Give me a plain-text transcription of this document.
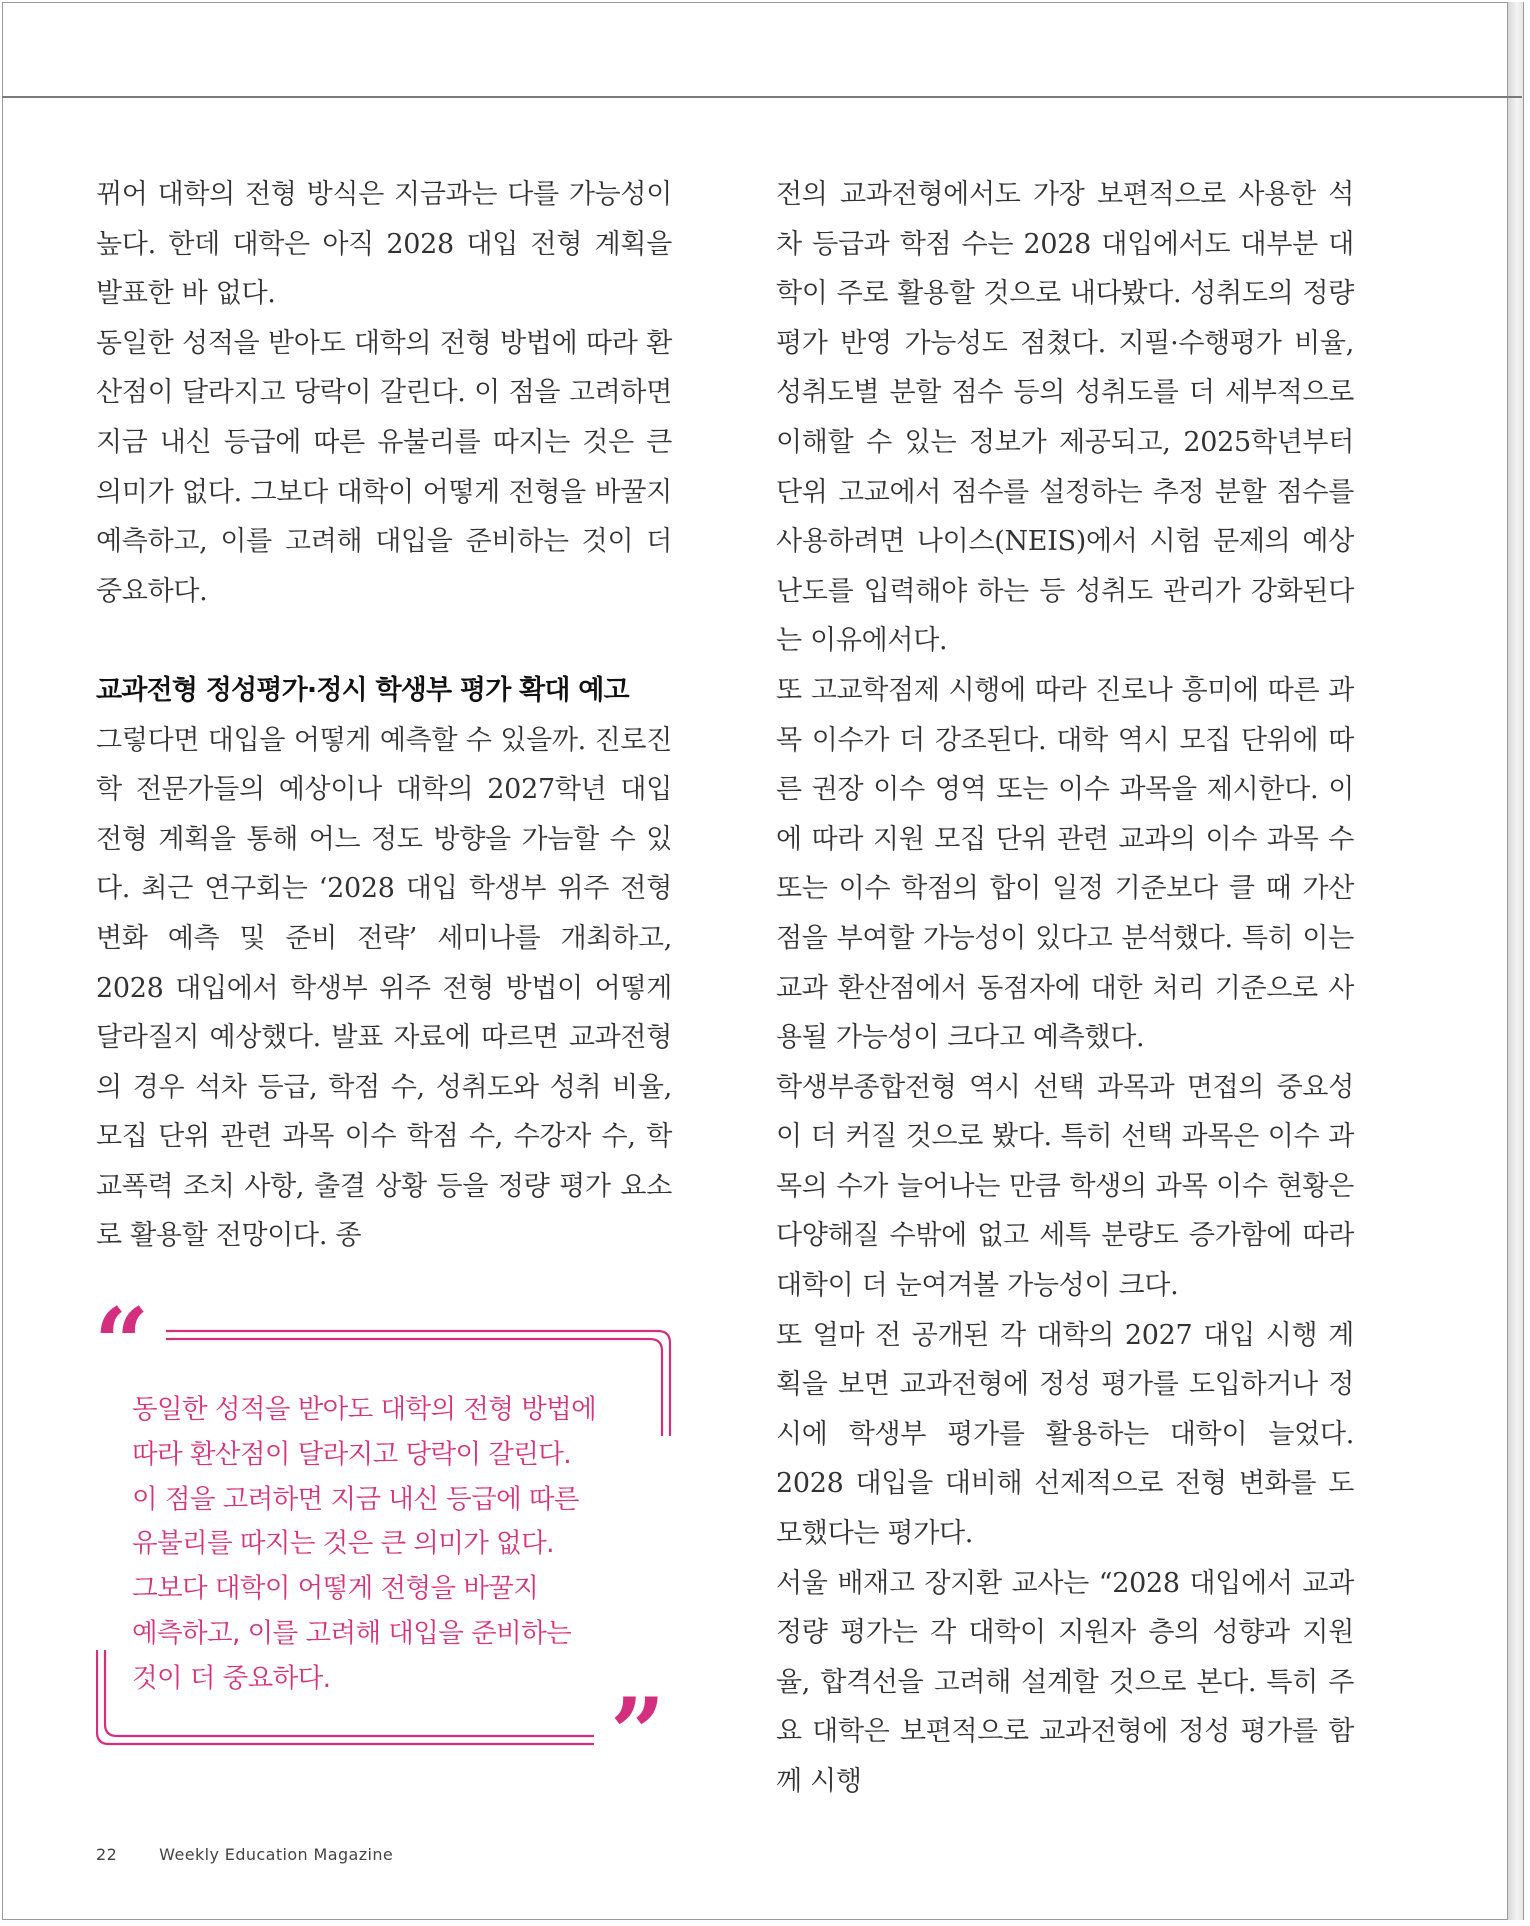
뀌어 대학의 전형 방식은 지금과는 다를 가능성이 높다. 한데 대학은 아직 2028 대입 전형 계획을 발표한 바 없다.

동일한 성적을 받아도 대학의 전형 방법에 따라 환산점이 달라지고 당락이 갈린다. 이 점을 고려하면 지금 내신 등급에 따른 유불리를 따지는 것은 큰 의미가 없다. 그보다 대학이 어떻게 전형을 바꿀지 예측하고, 이를 고려해 대입을 준비하는 것이 더 중요하다.

교과전형 정성평가·정시 학생부 평가 확대 예고

그렇다면 대입을 어떻게 예측할 수 있을까. 진로진학 전문가들의 예상이나 대학의 2027학년 대입 전형 계획을 통해 어느 정도 방향을 가늠할 수 있다. 최근 연구회는 ‘2028 대입 학생부 위주 전형 변화 예측 및 준비 전략’ 세미나를 개최하고, 2028 대입에서 학생부 위주 전형 방법이 어떻게 달라질지 예상했다. 발표 자료에 따르면 교과전형의 경우 석차 등급, 학점 수, 성취도와 성취 비율, 모집 단위 관련 과목 이수 학점 수, 수강자 수, 학교폭력 조치 사항, 출결 상황 등을 정량 평가 요소로 활용할 전망이다. 종

“
”

동일한 성적을 받아도 대학의 전형 방법에

따라 환산점이 달라지고 당락이 갈린다.

이 점을 고려하면 지금 내신 등급에 따른

유불리를 따지는 것은 큰 의미가 없다.

그보다 대학이 어떻게 전형을 바꿀지

예측하고, 이를 고려해 대입을 준비하는

것이 더 중요하다.

전의 교과전형에서도 가장 보편적으로 사용한 석차 등급과 학점 수는 2028 대입에서도 대부분 대학이 주로 활용할 것으로 내다봤다. 성취도의 정량 평가 반영 가능성도 점쳤다. 지필·수행평가 비율, 성취도별 분할 점수 등의 성취도를 더 세부적으로 이해할 수 있는 정보가 제공되고, 2025학년부터 단위 고교에서 점수를 설정하는 추정 분할 점수를 사용하려면 나이스(NEIS)에서 시험 문제의 예상 난도를 입력해야 하는 등 성취도 관리가 강화된다는 이유에서다.

또 고교학점제 시행에 따라 진로나 흥미에 따른 과목 이수가 더 강조된다. 대학 역시 모집 단위에 따른 권장 이수 영역 또는 이수 과목을 제시한다. 이에 따라 지원 모집 단위 관련 교과의 이수 과목 수 또는 이수 학점의 합이 일정 기준보다 클 때 가산점을 부여할 가능성이 있다고 분석했다. 특히 이는 교과 환산점에서 동점자에 대한 처리 기준으로 사용될 가능성이 크다고 예측했다.

학생부종합전형 역시 선택 과목과 면접의 중요성이 더 커질 것으로 봤다. 특히 선택 과목은 이수 과목의 수가 늘어나는 만큼 학생의 과목 이수 현황은 다양해질 수밖에 없고 세특 분량도 증가함에 따라 대학이 더 눈여겨볼 가능성이 크다.

또 얼마 전 공개된 각 대학의 2027 대입 시행 계획을 보면 교과전형에 정성 평가를 도입하거나 정시에 학생부 평가를 활용하는 대학이 늘었다. 2028 대입을 대비해 선제적으로 전형 변화를 도모했다는 평가다.

서울 배재고 장지환 교사는 “2028 대입에서 교과 정량 평가는 각 대학이 지원자 층의 성향과 지원율, 합격선을 고려해 설계할 것으로 본다. 특히 주요 대학은 보편적으로 교과전형에 정성 평가를 함께 시행

22	Weekly Education Magazine
